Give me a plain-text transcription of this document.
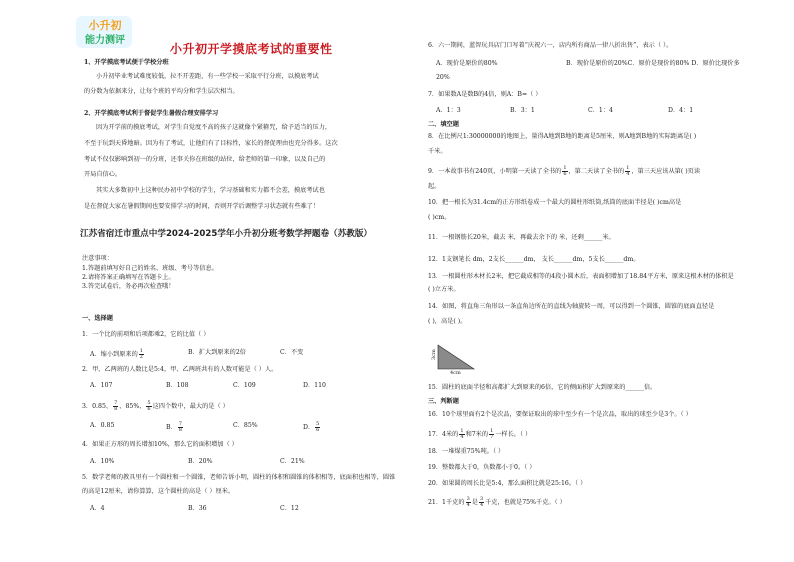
小升初
能力测评
小升初开学摸底考试的重要性
1、开学摸底考试便于学校分班
小升初毕业考试难度较低，拉不开差距，有一些学校一采取平行分班，以摸底考试
的分数为依据来分，让每个班的平均分和学生层次相当。
2、开学摸底考试利于督促学生暑假合理安排学习
因为开学前的摸底考试，对学生自觉度不高的孩子这就像个紧箍咒，给予适当的压力，
不至于玩到天昏地暗。因为有了考试，让他们有了目标性，家长的督促理由也充分得多。这次
考试不仅仅影响到初一的分班，还事关你在班级的站位，给老师的第一印象，以及自己的
开局自信心。
其实大多数初中上这种民办初中学校的学生，学习基础和实力都不会差，摸底考试也
是在督促大家在暑假期间也要安排学习的时间，否则开学后调整学习状态就有些难了！
江苏省宿迁市重点中学2024-2025学年小升初分班考数学押题卷（苏教版）
注意事项：
1.答题前填写好自己的姓名、班级、考号等信息。
2.请将答案正确填写在答题卡上。
3.答完试卷后，务必再次检查哦！
一、选择题
1．一个比的前项和后项都乘2，它的比值（ ）
A．缩小到原来的 $\frac{1}{2}$	B．扩大到原来的2倍	C．不变
2．甲、乙两班的人数比是5:4，甲、乙两班共有的人数可能是（ ）人。
A．107	B．108	C．109	D．110
3．0.85、 $\frac{7}{8}$ 、85%、 $\frac{5}{6}$ 这四个数中，最大的是（ ）
A．0.85	B． $\frac{7}{8}$	C．85%	D． $\frac{5}{6}$
4．如果正方形的周长增加10%，那么它的面积增加（ ）
A．10%	B．20%	C．21%
5．数学老师的教具里有一个圆柱和一个圆锥，老师告诉小明，圆柱的体积和圆锥的体积相等，底面积也相等，圆锥
的高是12厘米，请你算算，这个圆柱的高是（ ）厘米。
A．4	B．36	C．12
6．六一期间，蓝智玩具店门口写着“庆祝六一，店内所有商品一律八折出售”，表示（ ）。
A．现价是原价的80%	B．现价是原价的20%C．原价是现价的80% D．原价比现价多
20%
7．如果数A是数B的4倍，则A：B=（ ）
A．1：3	B．3：1	C．1：4	D．4：1
二、填空题
8．在比例尺1:30000000的地图上，量得A地到B地的距离是5厘米，则A地到B地的实际距离是( )
千米。
9．一本故事书有240页，小明第一天读了全书的 $\frac{1}{6}$ ，第二天读了全书的 $\frac{1}{4}$ ，第三天应该从第( )页读
起。
10．把一根长为31.4cm的正方形纸卷成一个最大的圆柱形纸筒,纸筒的底面半径是( )cm高是
( )cm。
11．一根钢筋长20米，截去 米，再截去余下的 米，还剩______米。
12．1支钢笔长 dm，2支长______dm， 支长______dm，5支长______dm。
13．一根圆柱形木材长2米，把它截成相等的4段小圆木后，表面积增加了18.84平方米，原来这根木材的体积是
( )立方米。
14．如图，将直角三角形以一条直角边所在的直线为轴旋转一周，可以得到一个圆锥，圆锥的底面直径是
( )，高是( )。
3cm
4cm
15．圆柱的底面半径和高都扩大到原来的6倍，它的侧面积扩大到原来的______倍。
三、判断题
16．10个球里面有2个是次品，要保证取出的球中至少有一个是次品，取出的球至少是3个。（ ）
17．4米的 $\frac{1}{4}$ 和7米的 $\frac{1}{7}$ 一样长。（ ）
18．一堆煤重75%吨。（ ）
19．整数都大于0，负数都小于0。（ ）
20．如果圆的周长比是5:4，那么面积比就是25:16。（ ）
21．1千克的 $\frac{3}{4}$ 是 $\frac{3}{4}$ 千克，也就是75%千克。（ ）
